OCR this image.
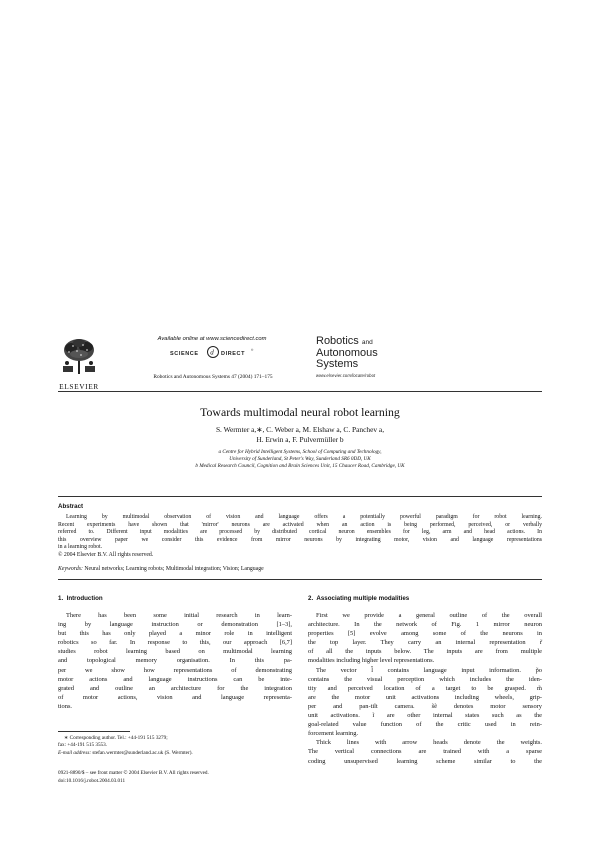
ELSEVIER
Available online at www.sciencedirect.com
SCIENCE d DIRECT
®
Robotics and Autonomous Systems 47 (2004) 171–175
Robotics and
Autonomous
Systems
www.elsevier.com/locate/robot
Towards multimodal neural robot learning
S. Wermter a,∗, C. Weber a, M. Elshaw a, C. Panchev a,
H. Erwin a, F. Pulvermüller b
a Centre for Hybrid Intelligent Systems, School of Computing and Technology,
University of Sunderland, St Peter's Way, Sunderland SR6 0DD, UK
b Medical Research Council, Cognition and Brain Sciences Unit, 15 Chaucer Road, Cambridge, UK
Abstract
Learning by multimodal observation of vision and language offers a potentially powerful paradigm for robot learning.
Recent experiments have shown that 'mirror' neurons are activated when an action is being performed, perceived, or verbally
referred to. Different input modalities are processed by distributed cortical neuron ensembles for leg, arm and head actions. In
this overview paper we consider this evidence from mirror neurons by integrating motor, vision and language representations
in a learning robot.
© 2004 Elsevier B.V. All rights reserved.
Keywords: Neural networks; Learning robots; Multimodal integration; Vision; Language
1.  Introduction
There has been some initial research in learn-
ing by language instruction or demonstration [1–3],
but this has only played a minor role in intelligent
robotics so far. In response to this, our approach [6,7]
studies robot learning based on multimodal learning
and topological memory organisation. In this pa-
per we show how representations of demonstrating
motor actions and language instructions can be inte-
grated and outline an architecture for the integration
of motor actions, vision and language representa-
tions.
∗ Corresponding author. Tel.: +44-191 515 3279;
fax: +44-191 515 3553.
E-mail address: stefan.wermter@sunderland.ac.uk (S. Wermter).
2.  Associating multiple modalities
First we provide a general outline of the overall
architecture. In the network of Fig. 1 mirror neuron
properties [5] evolve among some of the neurons in
the top layer. They carry an internal representation r̃
of all the inputs below. The inputs are from multiple
modalities including higher level representations.
The vector l̃ contains language input information. p̃o
contains the visual perception which includes the iden-
tity and perceived location of a target to be grasped. m̃
are the motor unit activations including wheels, grip-
per and pan-tilt camera. s̃ẽ denotes motor sensory
unit activations. ĩ are other internal states such as the
goal-related value function of the critic used in rein-
forcement learning.
Thick lines with arrow heads denote the weights.
The vertical connections are trained with a sparse
coding unsupervised learning scheme similar to the
0921-8890/$ – see front matter © 2004 Elsevier B.V. All rights reserved.
doi:10.1016/j.robot.2004.03.011
